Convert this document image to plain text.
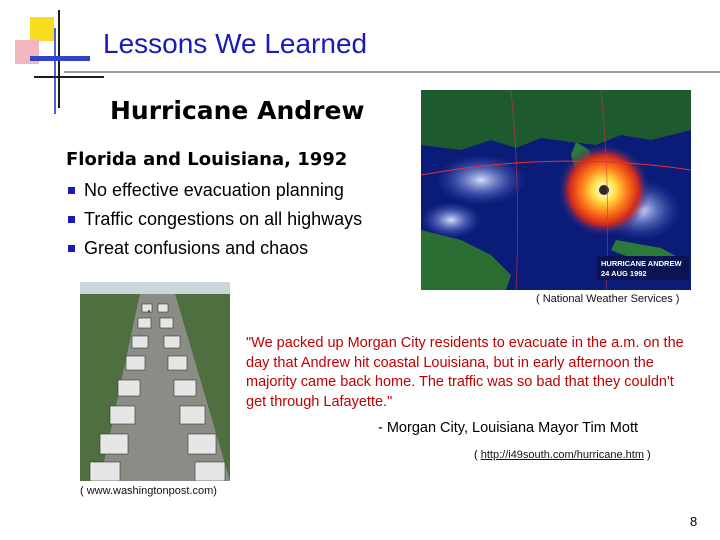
Lessons We Learned
Hurricane Andrew
Florida and Louisiana, 1992
No effective evacuation planning
Traffic congestions on all highways
Great confusions and chaos
HURRICANE ANDREW
24 AUG 1992
( National Weather Services )
( www.washingtonpost.com)
"We packed up Morgan City residents to evacuate in the a.m. on the day that Andrew hit coastal Louisiana, but in early afternoon the majority came back home. The traffic was so bad that they couldn't get through Lafayette."
- Morgan City, Louisiana Mayor Tim Mott
( http://i49south.com/hurricane.htm )
8
